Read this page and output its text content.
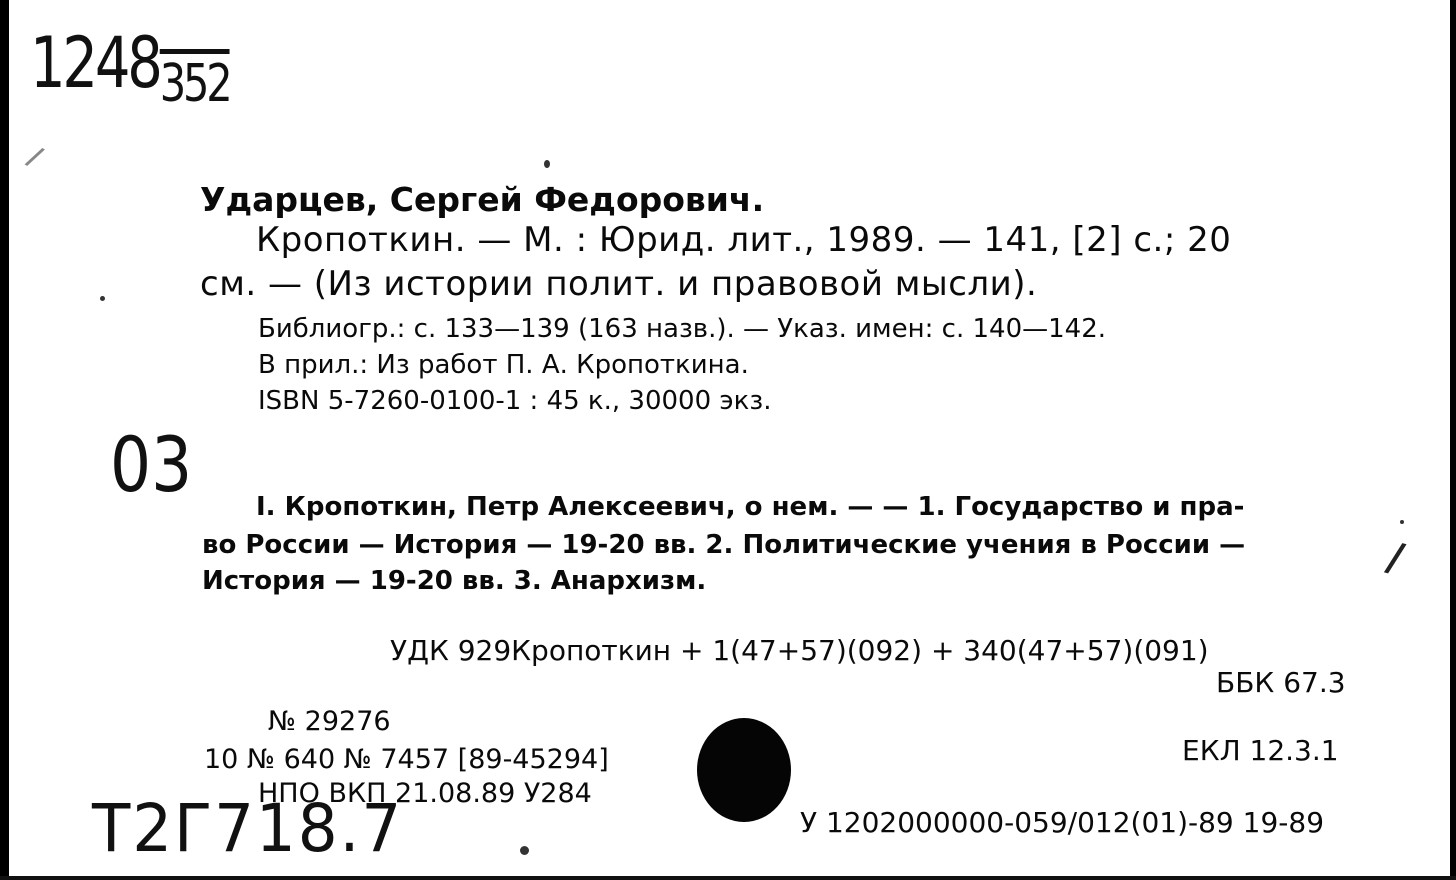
$1248_{352}$
Ударцев, Сергей Федорович.
Кропоткин. — М. : Юрид. лит., 1989. — 141, [2] с.; 20
см. — (Из истории полит. и правовой мысли).
Библиогр.: с. 133—139 (163 назв.). — Указ. имен: с. 140—142.
В прил.: Из работ П. А. Кропоткина.
ISBN 5-7260-0100-1 : 45 к., 30000 экз.
03 I. Кропоткин, Петр Алексеевич, о нем. — — 1. Государство и пра-
во России — История — 19-20 вв. 2. Политические учения в России —
История — 19-20 вв. 3. Анархизм.
УДК 929Кропоткин + 1(47+57)(092) + 340(47+57)(091)
ББК 67.3
№ 29276
10 № 640 № 7457 [89-45294]
НПО ВКП 21.08.89 У284
Т2Г718.7
ЕКЛ 12.3.1
У 1202000000-059/012(01)-89 19-89
/
/
